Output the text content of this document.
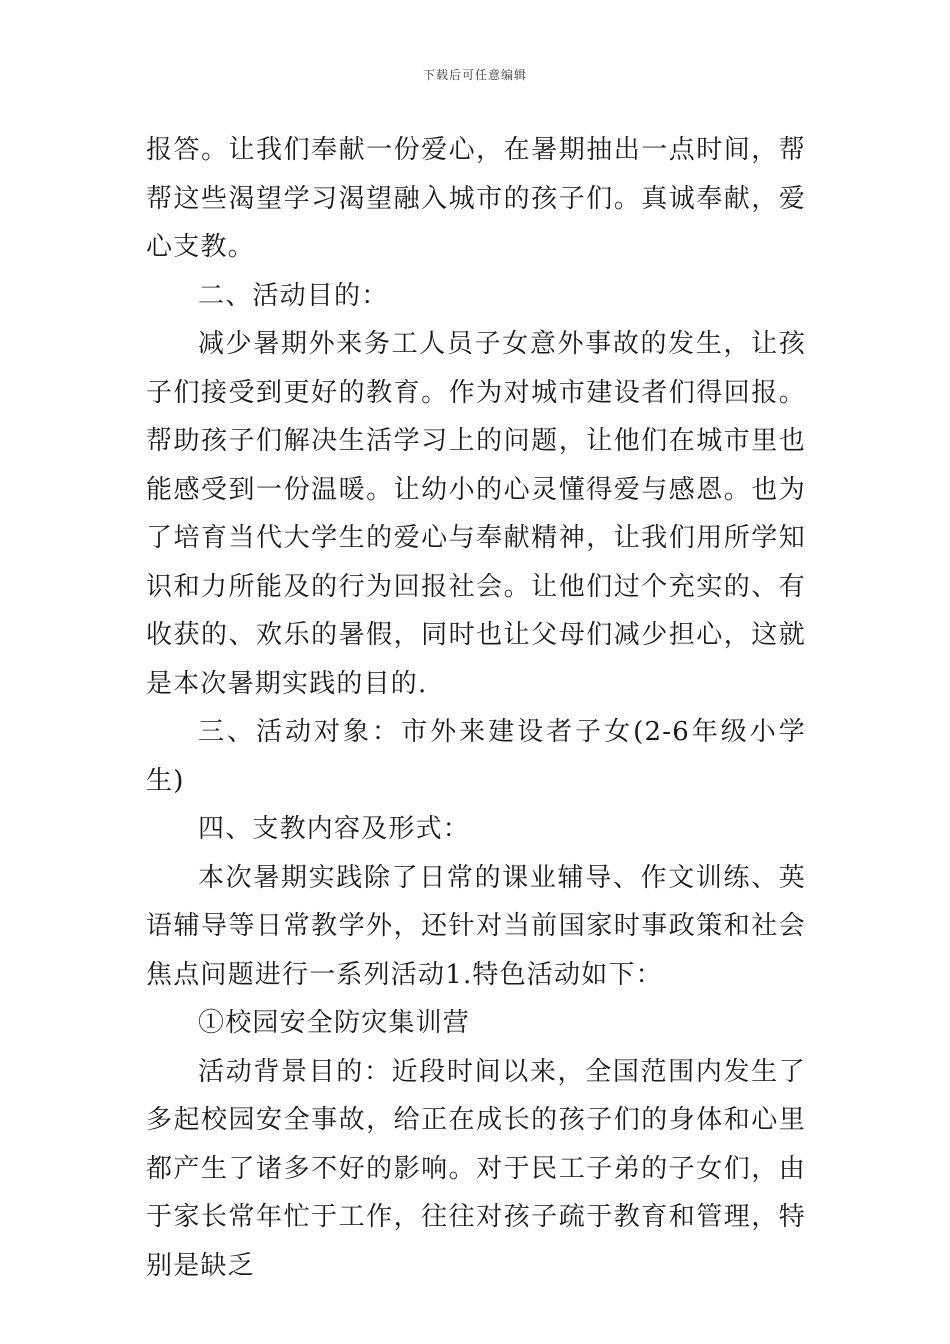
下载后可任意编辑

报答。让我们奉献一份爱心，在暑期抽出一点时间，帮帮这些渴望学习渴望融入城市的孩子们。真诚奉献，爱心支教。

二、活动目的：

减少暑期外来务工人员子女意外事故的发生，让孩子们接受到更好的教育。作为对城市建设者们得回报。帮助孩子们解决生活学习上的问题，让他们在城市里也能感受到一份温暖。让幼小的心灵懂得爱与感恩。也为了培育当代大学生的爱心与奉献精神，让我们用所学知识和力所能及的行为回报社会。让他们过个充实的、有收获的、欢乐的暑假，同时也让父母们减少担心，这就是本次暑期实践的目的.

三、活动对象：市外来建设者子女(2-6年级小学生)

四、支教内容及形式：

本次暑期实践除了日常的课业辅导、作文训练、英语辅导等日常教学外，还针对当前国家时事政策和社会焦点问题进行一系列活动1.特色活动如下：

①校园安全防灾集训营

活动背景目的：近段时间以来，全国范围内发生了多起校园安全事故，给正在成长的孩子们的身体和心里都产生了诸多不好的影响。对于民工子弟的子女们，由于家长常年忙于工作，往往对孩子疏于教育和管理，特别是缺乏
